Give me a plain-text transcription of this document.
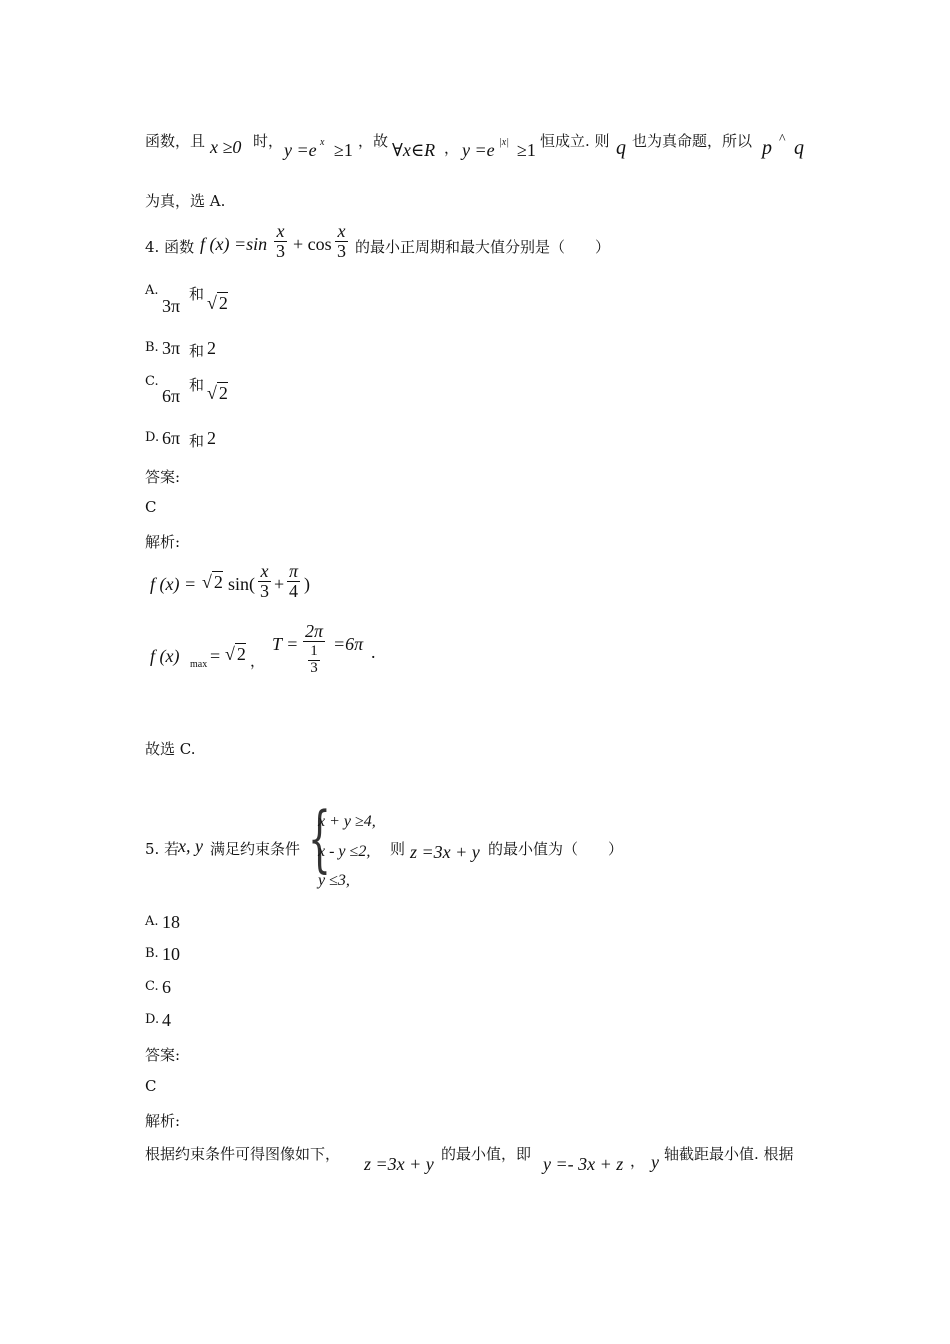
函数，且 x ≥0 时， y =e x ≥1 ，故 ∀x∈R ， y =e |x| ≥1 恒成立. 则 q 也为真命题，所以 p ^ q
为真，选 A.
4. 函数 f $(x) =\sin \frac{x}{3} + \cos \frac{x}{3}$ 的最小正周期和最大值分别是（　　）
A.
3π
和 √ 2
B. 3π 和 2
C.
6π
和 √ 2
D. 6π 和 2
答案:
C
解析:
f (x) = √ 2 $\sin( \frac{x}{3} + \frac{\pi}{4}$ )
f (x) max = √ 2 ，
$T = \frac{2\pi}{\frac{1}{3}} =6\pi$ .
故选 C.
5. 若
x, y 满足约束条件 {
x + y ≥4,
x - y ≤2,
y ≤3,
则 z =3x + y 的最小值为（　　）
A. 18
B. 10
C. 6
D. 4
答案:
C
解析:
根据约束条件可得图像如下， z =3x + y 的最小值，即 y =- 3x + z ， y 轴截距最小值. 根据
